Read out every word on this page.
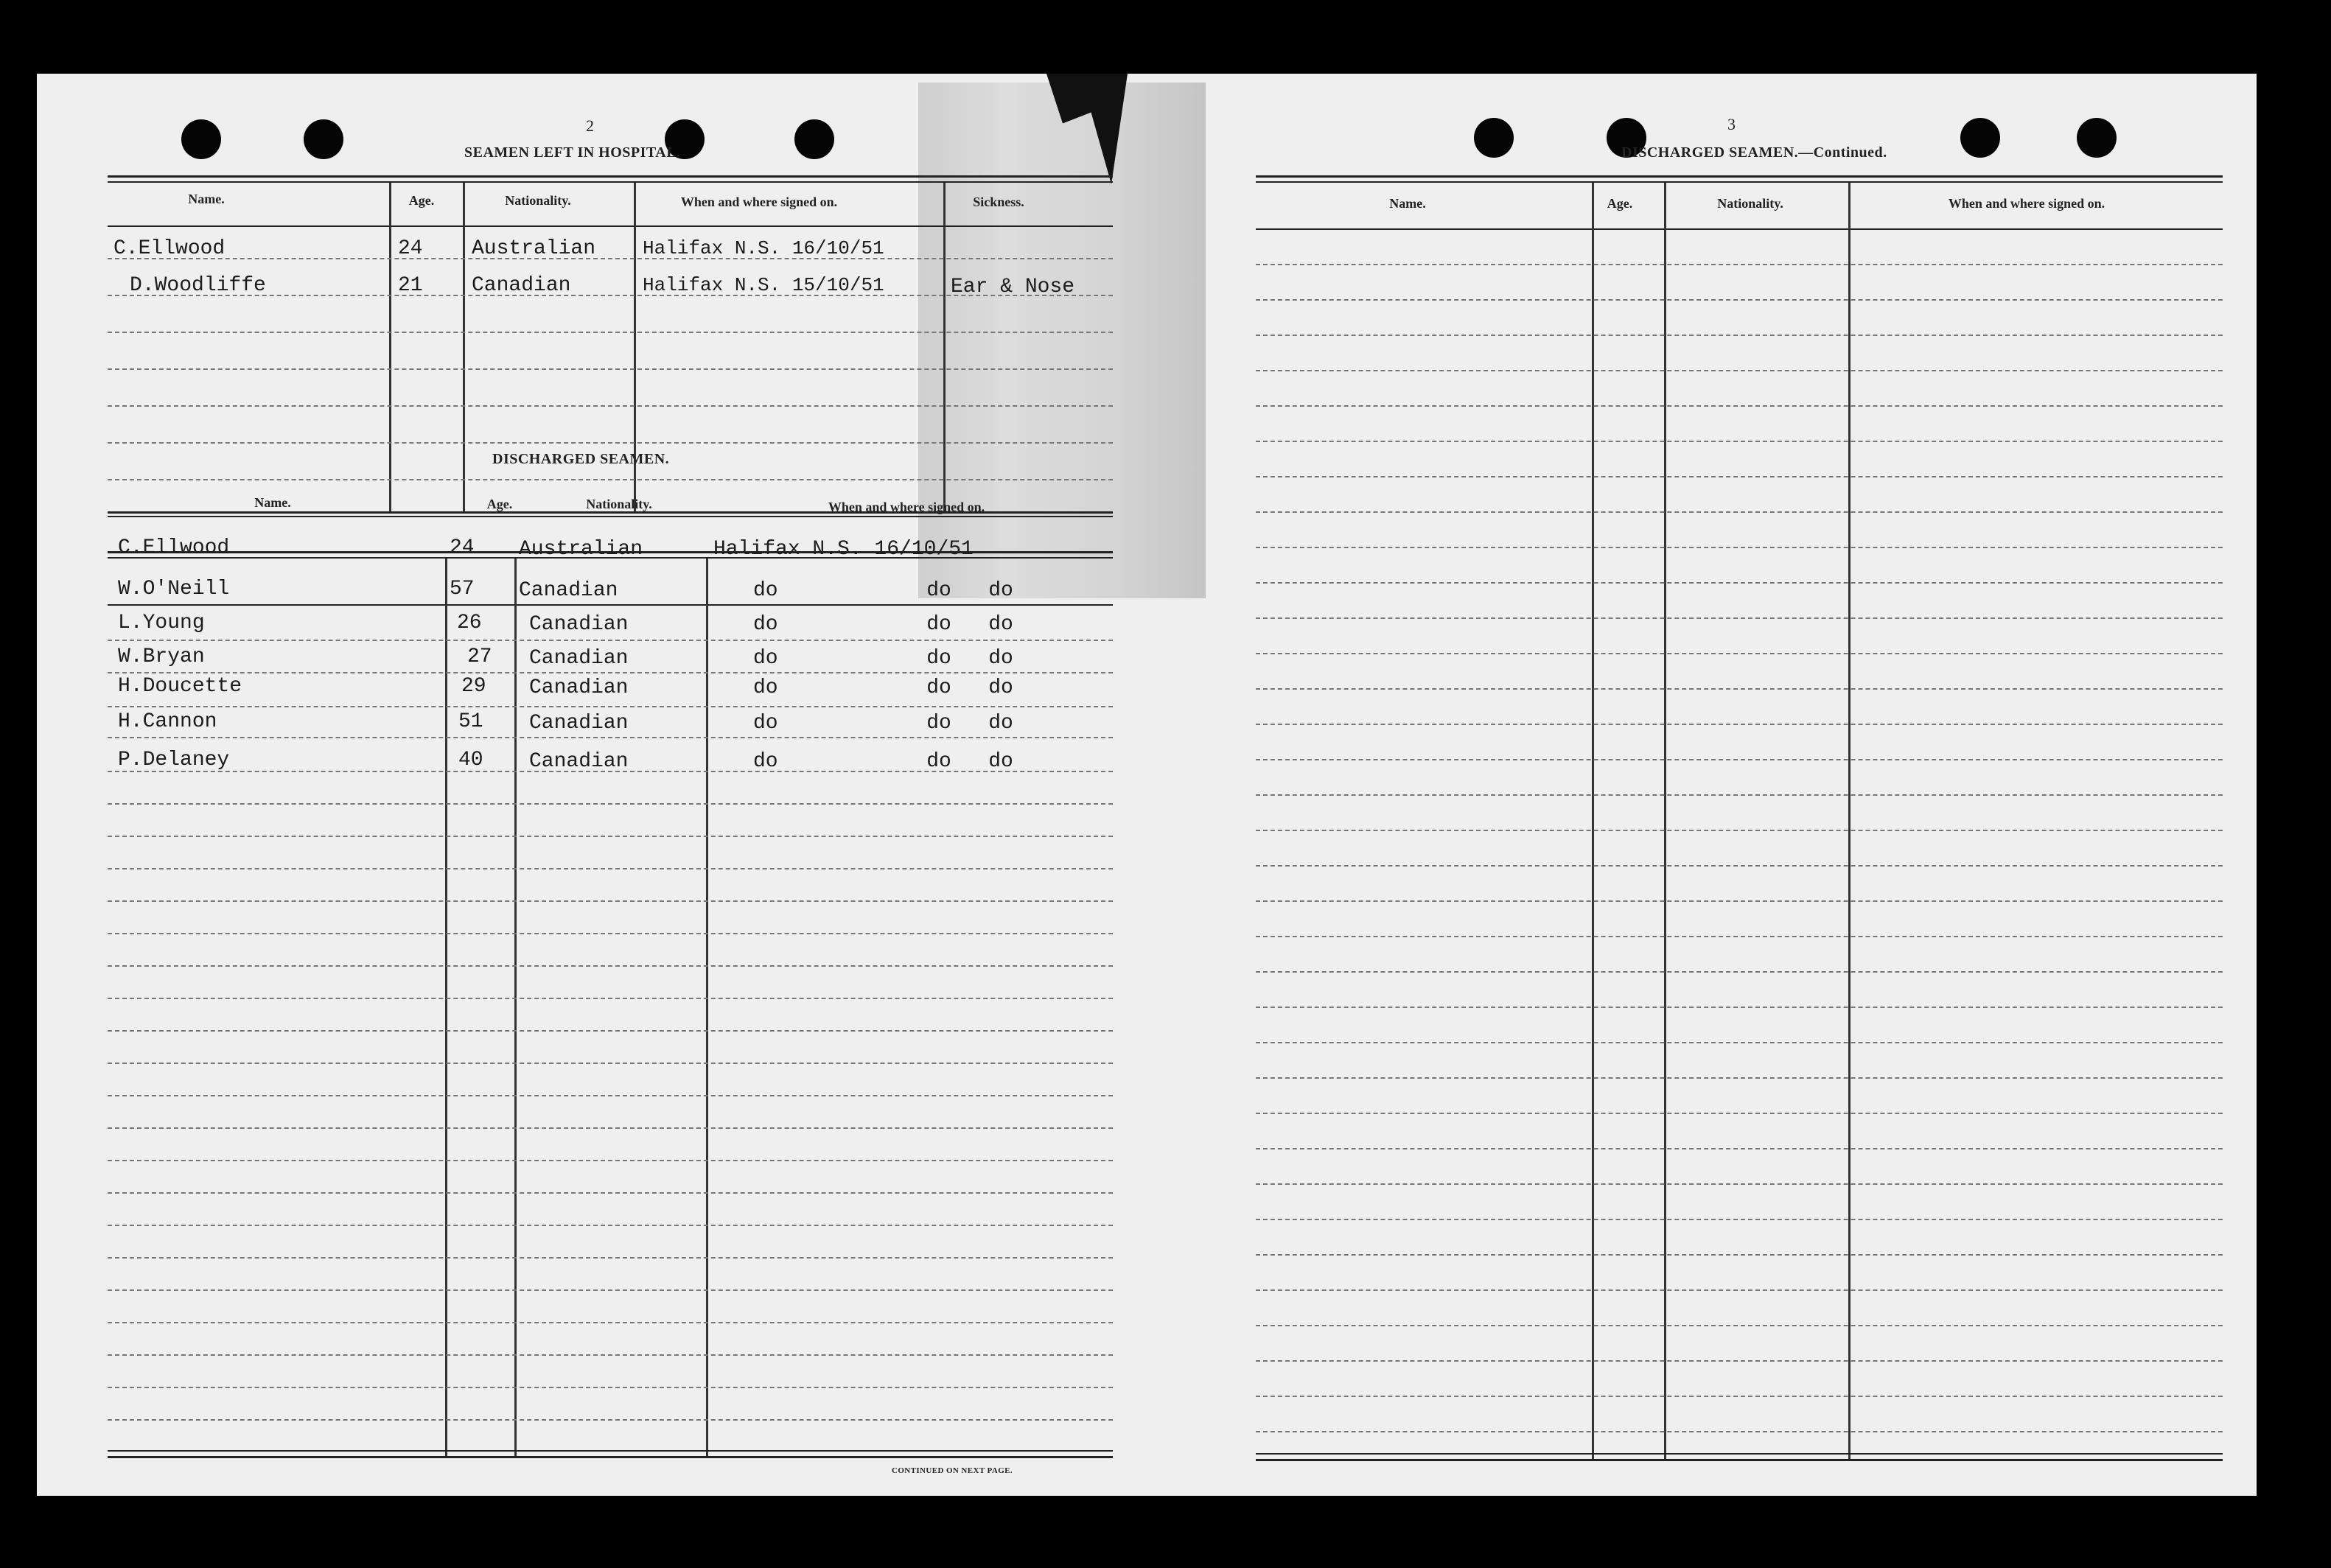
2
SEAMEN LEFT IN HOSPITAL.
Name.	Age.	Nationality.	When and where signed on.	Sickness.
C.Ellwood	24 Australian Halifax N.S. 16/10/51
D.Woodliffe	21 Canadian	Halifax N.S. 15/10/51	Ear & Nose
DISCHARGED SEAMEN.
Name.	Age.	Nationality.	When and where signed on.
C.Ellwood	24 Australian	Halifax N.S. 16/10/51
W.O'Neill	57 Canadian	do            do   do
L.Young	26 Canadian	do            do   do
W.Bryan	27 Canadian	do            do   do
H.Doucette	29 Canadian	do            do   do
H.Cannon	51 Canadian	do            do   do
P.Delaney	40 Canadian	do            do   do
CONTINUED ON NEXT PAGE.
3
DISCHARGED SEAMEN.—Continued.
Name.	Age.	Nationality.	When and where signed on.
